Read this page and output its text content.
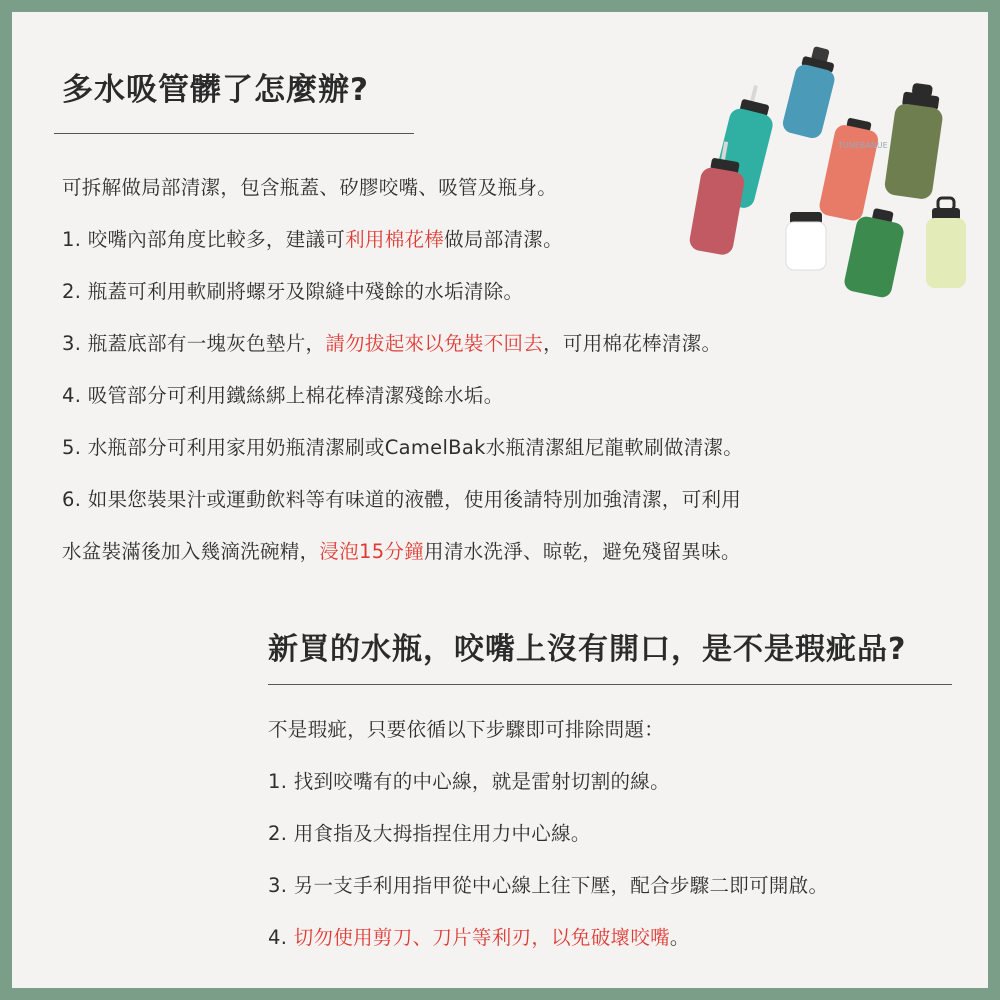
多水吸管髒了怎麼辦?
可拆解做局部清潔，包含瓶蓋、矽膠咬嘴、吸管及瓶身。
1. 咬嘴內部角度比較多，建議可利用棉花棒做局部清潔。
2. 瓶蓋可利用軟刷將螺牙及隙縫中殘餘的水垢清除。
3. 瓶蓋底部有一塊灰色墊片，請勿拔起來以免裝不回去，可用棉花棒清潔。
4. 吸管部分可利用鐵絲綁上棉花棒清潔殘餘水垢。
5. 水瓶部分可利用家用奶瓶清潔刷或CamelBak水瓶清潔組尼龍軟刷做清潔。
6. 如果您裝果汁或運動飲料等有味道的液體，使用後請特別加強清潔，可利用
水盆裝滿後加入幾滴洗碗精，浸泡15分鐘用清水洗淨、晾乾，避免殘留異味。
新買的水瓶，咬嘴上沒有開口，是不是瑕疵品?
不是瑕疵，只要依循以下步驟即可排除問題：
1. 找到咬嘴有的中心線，就是雷射切割的線。
2. 用食指及大拇指捏住用力中心線。
3. 另一支手利用指甲從中心線上往下壓，配合步驟二即可開啟。
4. 切勿使用剪刀、刀片等利刃，以免破壞咬嘴。
TUNEBANUE
